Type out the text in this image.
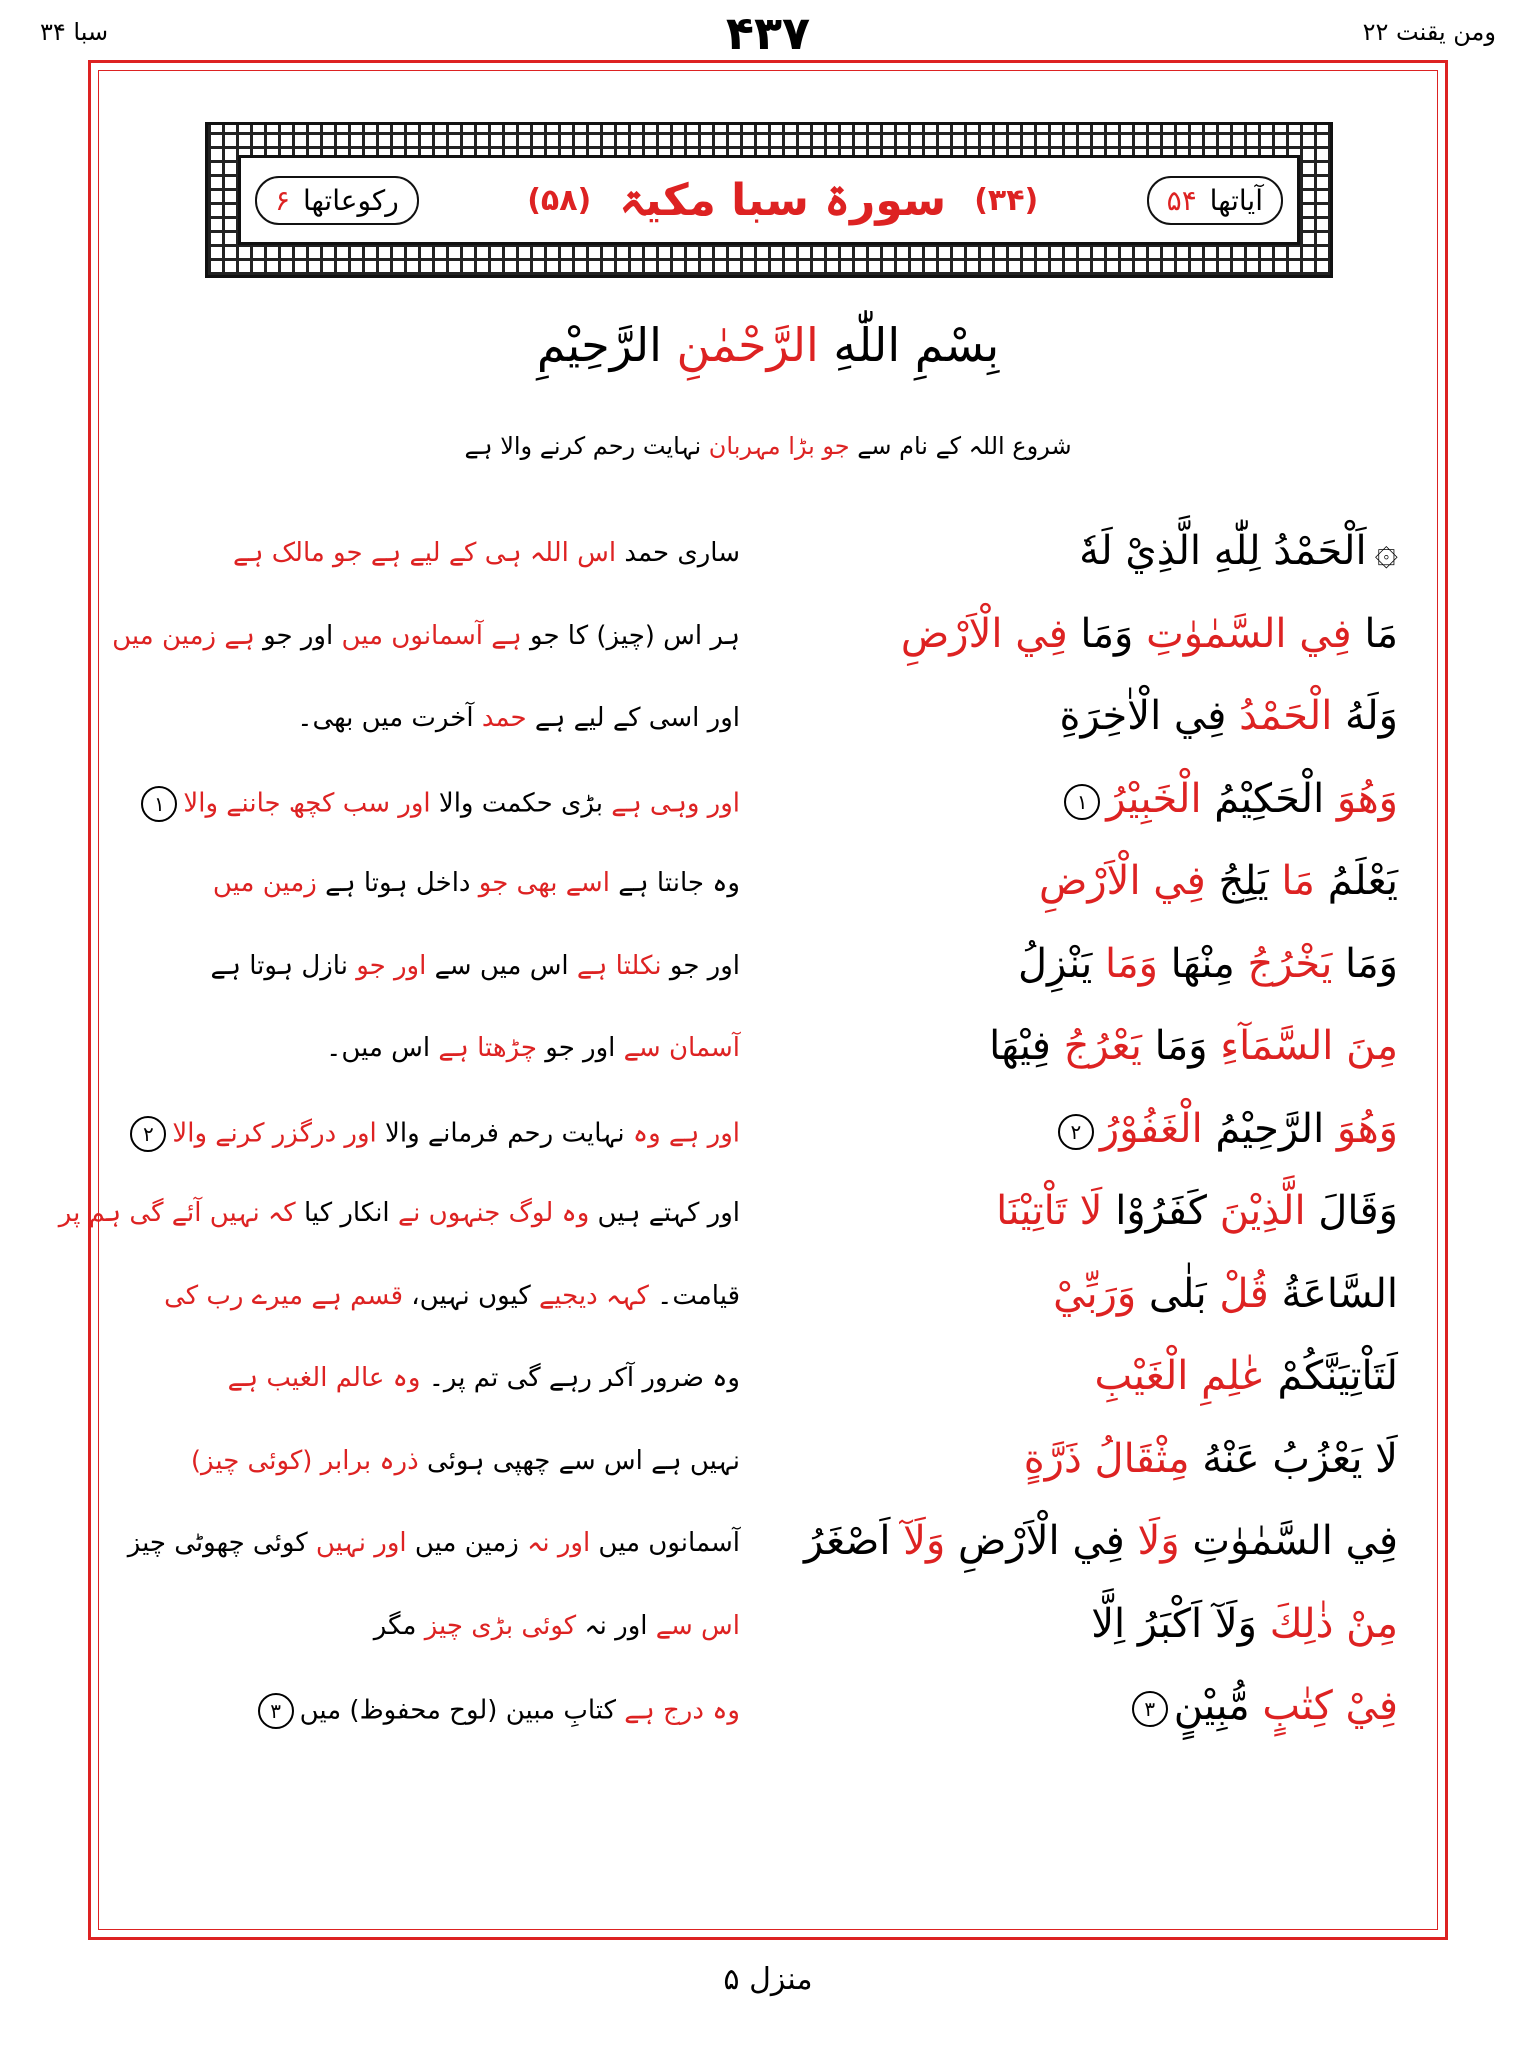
سبا ۳۴	۴۳۷	ومن يقنت ۲۲
آیاتھا ۵۴
(۳۴)
سورۃ سبا مکیۃ
(۵۸)
رکوعاتھا ۶
بِسْمِ اللّٰهِ الرَّحْمٰنِ الرَّحِيْمِ
شروع اللہ کے نام سے جو بڑا مہربان نہایت رحم کرنے والا ہے
۞اَلْحَمْدُ لِلّٰهِ الَّذِيْ لَهٗ
ساری حمد اس اللہ ہی کے لیے ہے جو مالک ہے
مَا فِي السَّمٰوٰتِ وَمَا فِي الْاَرْضِ
ہر اس (چیز) کا جو ہے آسمانوں میں اور جو ہے زمین میں
وَلَهُ الْحَمْدُ فِي الْاٰخِرَةِ
اور اسی کے لیے ہے حمد آخرت میں بھی۔
وَهُوَ الْحَكِيْمُ الْخَبِيْرُ۱
اور وہی ہے بڑی حکمت والا اور سب کچھ جاننے والا۱
يَعْلَمُ مَا يَلِجُ فِي الْاَرْضِ
وہ جانتا ہے اسے بھی جو داخل ہوتا ہے زمین میں
وَمَا يَخْرُجُ مِنْهَا وَمَا يَنْزِلُ
اور جو نکلتا ہے اس میں سے اور جو نازل ہوتا ہے
مِنَ السَّمَآءِ وَمَا يَعْرُجُ فِيْهَا
آسمان سے اور جو چڑھتا ہے اس میں۔
وَهُوَ الرَّحِيْمُ الْغَفُوْرُ۲
اور ہے وہ نہایت رحم فرمانے والا اور درگزر کرنے والا۲
وَقَالَ الَّذِيْنَ كَفَرُوْا لَا تَاْتِيْنَا
اور کہتے ہیں وہ لوگ جنہوں نے انکار کیا کہ نہیں آئے گی ہم پر
السَّاعَةُ قُلْ بَلٰى وَرَبِّيْ
قیامت۔ کہہ دیجیے کیوں نہیں، قسم ہے میرے رب کی
لَتَاْتِيَنَّكُمْ عٰلِمِ الْغَيْبِ
وہ ضرور آکر رہے گی تم پر۔ وہ عالم الغیب ہے
لَا يَعْزُبُ عَنْهُ مِثْقَالُ ذَرَّةٍ
نہیں ہے اس سے چھپی ہوئی ذرہ برابر (کوئی چیز)
فِي السَّمٰوٰتِ وَلَا فِي الْاَرْضِ وَلَآ اَصْغَرُ
آسمانوں میں اور نہ زمین میں اور نہیں کوئی چھوٹی چیز
مِنْ ذٰلِكَ وَلَآ اَكْبَرُ اِلَّا
اس سے اور نہ کوئی بڑی چیز مگر
فِيْ كِتٰبٍ مُّبِيْنٍ۳
وہ درج ہے کتابِ مبین (لوح محفوظ) میں۳
منزل ۵
